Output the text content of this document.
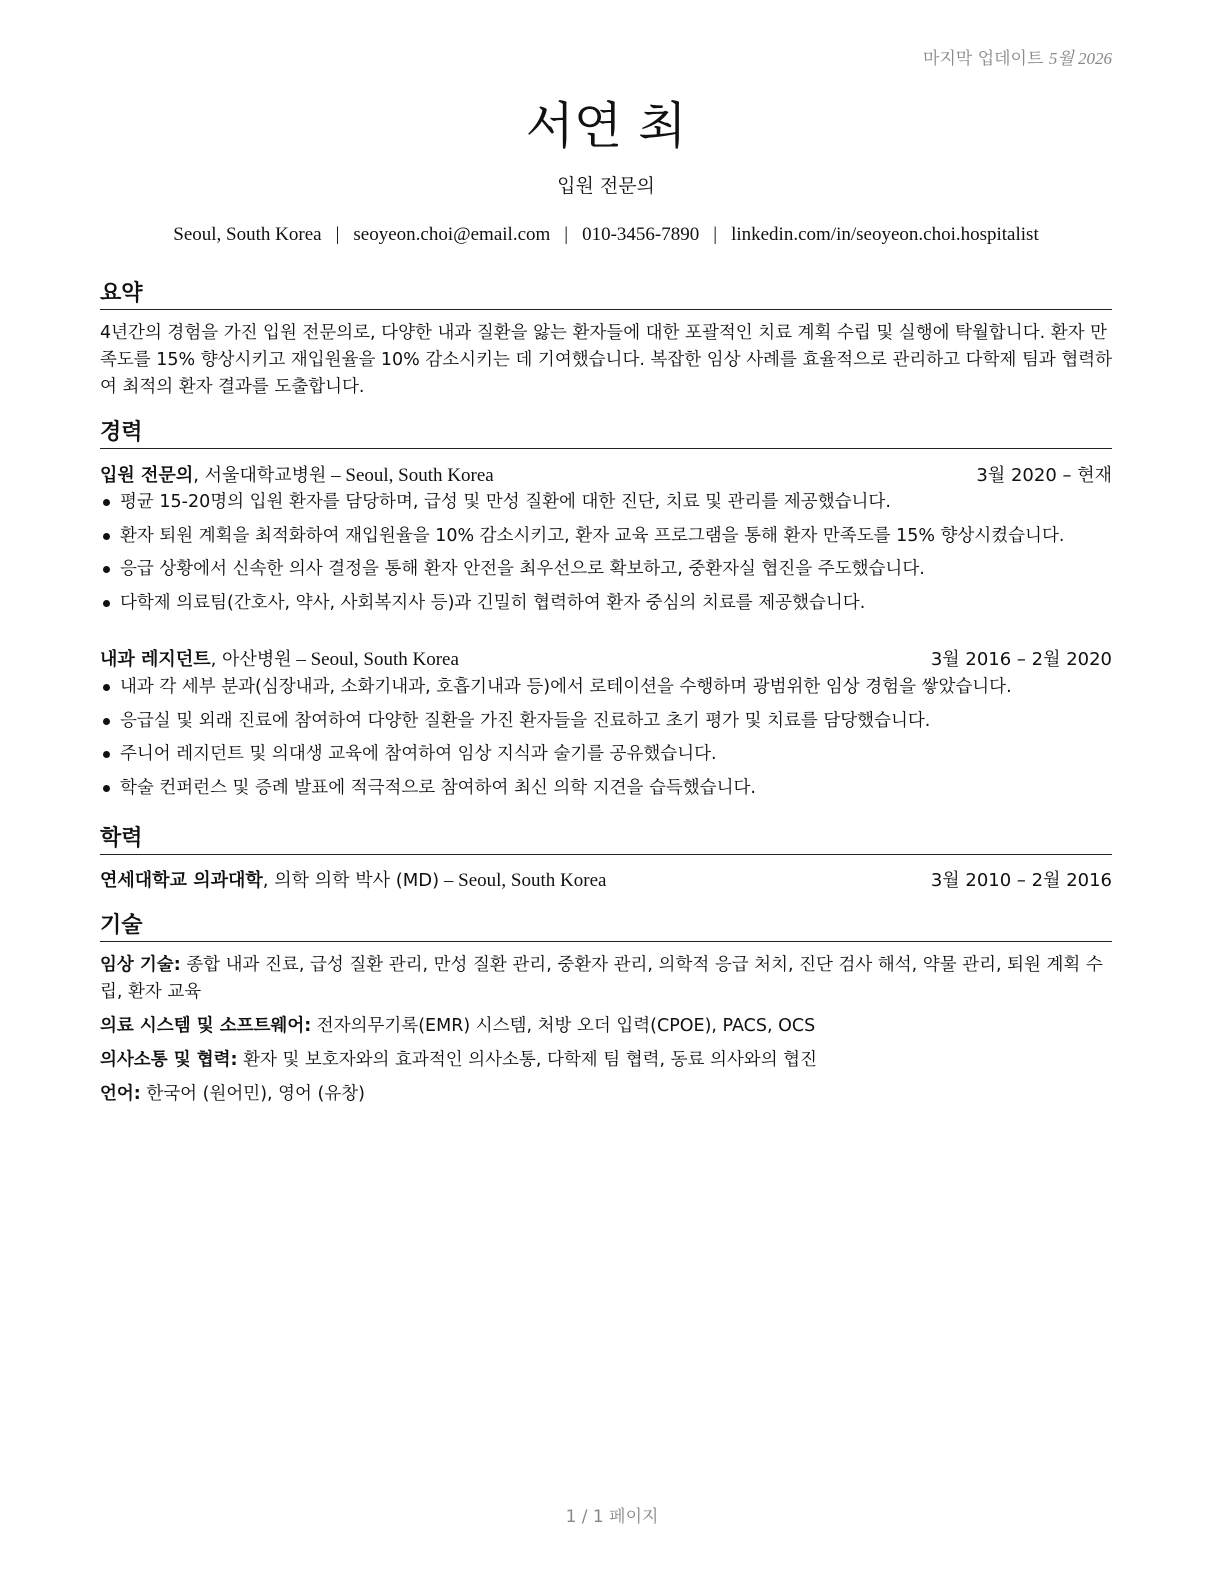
마지막 업데이트 5월 2026
서연 최
입원 전문의
Seoul, South Korea | seoyeon.choi@email.com | 010-3456-7890 | linkedin.com/in/seoyeon.choi.hospitalist
요약
4년간의 경험을 가진 입원 전문의로, 다양한 내과 질환을 앓는 환자들에 대한 포괄적인 치료 계획 수립 및 실행에 탁월합니다. 환자 만족도를 15% 향상시키고 재입원율을 10% 감소시키는 데 기여했습니다. 복잡한 임상 사례를 효율적으로 관리하고 다학제 팀과 협력하여 최적의 환자 결과를 도출합니다.
경력
입원 전문의, 서울대학교병원 – Seoul, South Korea	3월 2020 – 현재
평균 15-20명의 입원 환자를 담당하며, 급성 및 만성 질환에 대한 진단, 치료 및 관리를 제공했습니다.
환자 퇴원 계획을 최적화하여 재입원율을 10% 감소시키고, 환자 교육 프로그램을 통해 환자 만족도를 15% 향상시켰습니다.
응급 상황에서 신속한 의사 결정을 통해 환자 안전을 최우선으로 확보하고, 중환자실 협진을 주도했습니다.
다학제 의료팀(간호사, 약사, 사회복지사 등)과 긴밀히 협력하여 환자 중심의 치료를 제공했습니다.
내과 레지던트, 아산병원 – Seoul, South Korea	3월 2016 – 2월 2020
내과 각 세부 분과(심장내과, 소화기내과, 호흡기내과 등)에서 로테이션을 수행하며 광범위한 임상 경험을 쌓았습니다.
응급실 및 외래 진료에 참여하여 다양한 질환을 가진 환자들을 진료하고 초기 평가 및 치료를 담당했습니다.
주니어 레지던트 및 의대생 교육에 참여하여 임상 지식과 술기를 공유했습니다.
학술 컨퍼런스 및 증례 발표에 적극적으로 참여하여 최신 의학 지견을 습득했습니다.
학력
연세대학교 의과대학, 의학 의학 박사 (MD) – Seoul, South Korea	3월 2010 – 2월 2016
기술
임상 기술: 종합 내과 진료, 급성 질환 관리, 만성 질환 관리, 중환자 관리, 의학적 응급 처치, 진단 검사 해석, 약물 관리, 퇴원 계획 수립, 환자 교육
의료 시스템 및 소프트웨어: 전자의무기록(EMR) 시스템, 처방 오더 입력(CPOE), PACS, OCS
의사소통 및 협력: 환자 및 보호자와의 효과적인 의사소통, 다학제 팀 협력, 동료 의사와의 협진
언어: 한국어 (원어민), 영어 (유창)
1 / 1 페이지
